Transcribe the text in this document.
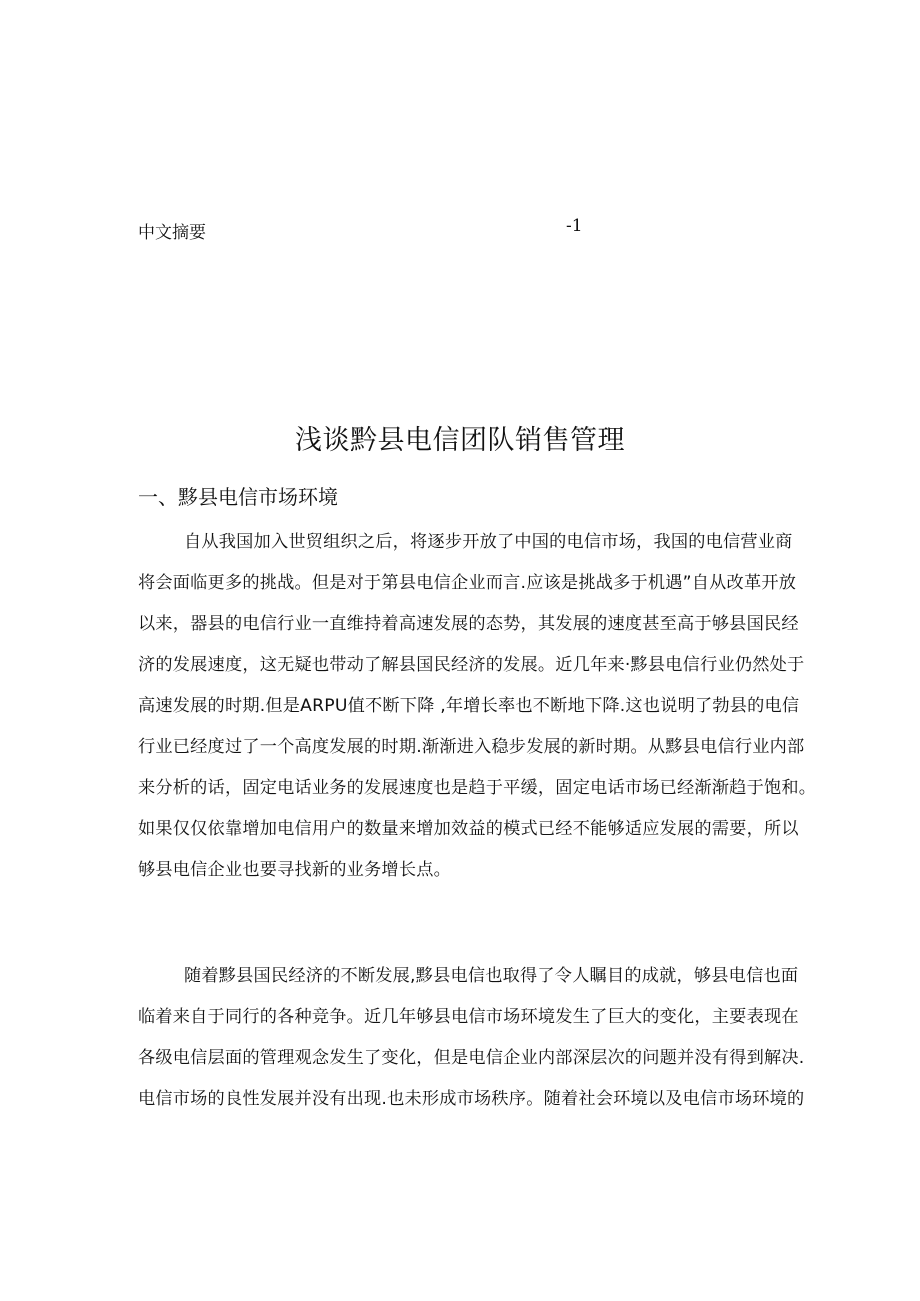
中文摘要	-1
浅谈黔县电信团队销售管理
一、黟县电信市场环境
自从我国加入世贸组织之后，将逐步开放了中国的电信市场，我国的电信营业商
将会面临更多的挑战。但是对于第县电信企业而言.应该是挑战多于机遇”自从改革开放
以来，器县的电信行业一直维持着高速发展的态势，其发展的速度甚至高于够县国民经
济的发展速度，这无疑也带动了解县国民经济的发展。近几年来·黟县电信行业仍然处于
高速发展的时期.但是ARPU值不断下降 ,年增长率也不断地下降.这也说明了勃县的电信
行业已经度过了一个高度发展的时期.渐渐进入稳步发展的新时期。从黟县电信行业内部
来分析的话，固定电话业务的发展速度也是趋于平缓，固定电话市场已经渐渐趋于饱和。
如果仅仅依靠增加电信用户的数量来增加效益的模式已经不能够适应发展的需要，所以
够县电信企业也要寻找新的业务增长点。
随着黟县国民经济的不断发展,黟县电信也取得了令人瞩目的成就，够县电信也面
临着来自于同行的各种竞争。近几年够县电信市场环境发生了巨大的变化，主要表现在
各级电信层面的管理观念发生了变化，但是电信企业内部深层次的问题并没有得到解决.
电信市场的良性发展并没有出现.也未形成市场秩序。随着社会环境以及电信市场环境的
